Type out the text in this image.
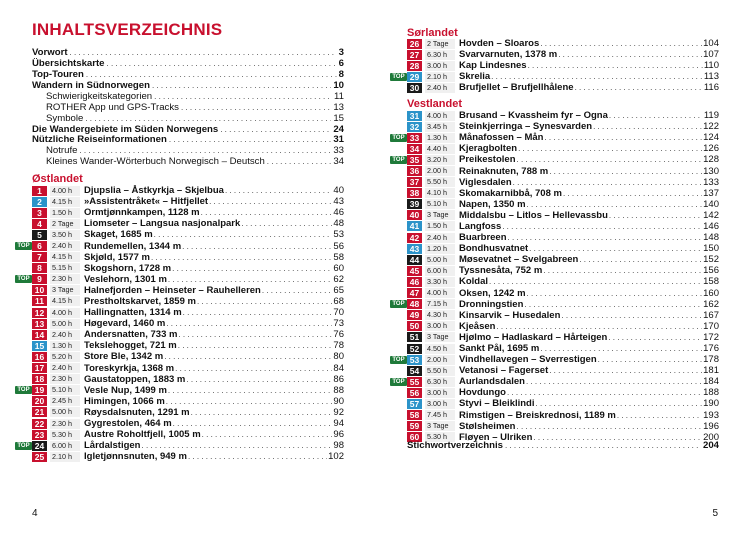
INHALTSVERZEICHNIS
Vorwort . . .	3
Übersichtskarte . . .	6
Top-Touren . . .	8
Wandern in Südnorwegen . . .	10
Schwierigkeitskategorien . . .	11
ROTHER App und GPS-Tracks . . .	13
Symbole . . .	15
Die Wandergebiete im Süden Norwegens . . .	24
Nützliche Reiseinformationen . . .	31
Notrufe . . .	33
Kleines Wander-Wörterbuch Norwegisch – Deutsch . . .	34
Østlandet
1	4.00 h	Djupslia – Åstkyrkja – Skjelbua . . .	40
2	4.15 h	»Assistentråket« – Hitfjellet . . .	43
3	1.50 h	Ormtjønnkampen, 1128 m . . .	46
4	2 Tage	Liomseter – Langsua nasjonalpark . . .	48
5	3.50 h	Skaget, 1685 m . . .	53
TOP 6	2.40 h	Rundemellen, 1344 m . . .	56
7	4.15 h	Skjøld, 1577 m . . .	58
8	5.15 h	Skogshorn, 1728 m . . .	60
TOP 9	2.30 h	Veslehorn, 1301 m . . .	62
10	3 Tage	Halnefjorden – Heinseter – Rauhelleren . . .	65
11	4.15 h	Prestholtskarvet, 1859 m . . .	68
12	4.00 h	Hallingnatten, 1314 m . . .	70
13	5.00 h	Høgevard, 1460 m . . .	73
14	2.40 h	Andersnatten, 733 m . . .	76
15	1.30 h	Tekslehogget, 721 m . . .	78
16	5.20 h	Store Ble, 1342 m . . .	80
17	2.40 h	Toreskyrkja, 1368 m . . .	84
18	2.30 h	Gaustatoppen, 1883 m . . .	86
TOP 19	5.10 h	Vesle Nup, 1499 m . . .	88
20	2.45 h	Himingen, 1066 m . . .	90
21	5.00 h	Røysdalsnuten, 1291 m . . .	92
22	2.30 h	Gygrestolen, 464 m . . .	94
23	5.30 h	Austre Roholtfjell, 1005 m . . .	96
TOP 24	6.00 h	Lårdalstigen . . .	98
25	2.10 h	Igletjønnsnuten, 949 m . . .	102
4
Sørlandet
26	2 Tage	Hovden – Sloaros . . .	104
27	6.30 h	Svarvarnuten, 1378 m . . .	107
28	3.00 h	Kap Lindesnes . . .	110
TOP 29	2.10 h	Skrelia . . .	113
30	2.40 h	Brufjellet – Brufjellhålene . . .	116
Vestlandet
31	4.00 h	Brusand – Kvassheim fyr – Ogna . . .	119
32	3.45 h	Steinkjerringa – Synesvarden . . .	122
TOP 33	1.30 h	Månafossen – Mån . . .	124
34	4.40 h	Kjeragbolten . . .	126
TOP 35	3.20 h	Preikestolen . . .	128
36	2.00 h	Reinaknuten, 788 m . . .	130
37	5.50 h	Viglesdalen . . .	133
38	4.10 h	Skomakarnibbå, 708 m . . .	137
39	5.10 h	Napen, 1350 m . . .	140
40	3 Tage	Middalsbu – Litlos – Hellevassbu . . .	142
41	1.50 h	Langfoss . . .	146
42	2.40 h	Buarbreen . . .	148
43	1.20 h	Bondhusvatnet . . .	150
44	5.00 h	Møsevatnet – Svelgabreen . . .	152
45	6.00 h	Tyssnesåta, 752 m . . .	156
46	3.30 h	Koldal . . .	158
47	4.00 h	Oksen, 1242 m . . .	160
TOP 48	7.15 h	Dronningstien . . .	162
49	4.30 h	Kinsarvik – Husedalen . . .	167
50	3.00 h	Kjeåsen . . .	170
51	3 Tage	Hjølmo – Hadlaskard – Hårteigen . . .	172
52	4.50 h	Sankt Pål, 1695 m . . .	176
TOP 53	2.00 h	Vindhellavegen – Sverrestigen . . .	178
54	5.50 h	Vetanosi – Fagerset . . .	181
TOP 55	6.30 h	Aurlandsdalen . . .	184
56	3.00 h	Hovdungo . . .	188
57	3.00 h	Styvi – Bleiklindi . . .	190
58	7.45 h	Rimstigen – Breiskrednosi, 1189 m . . .	193
59	3 Tage	Stølsheimen . . .	196
60	5.30 h	Fløyen – Ulriken . . .	200
Stichwortverzeichnis . . .	204
5
